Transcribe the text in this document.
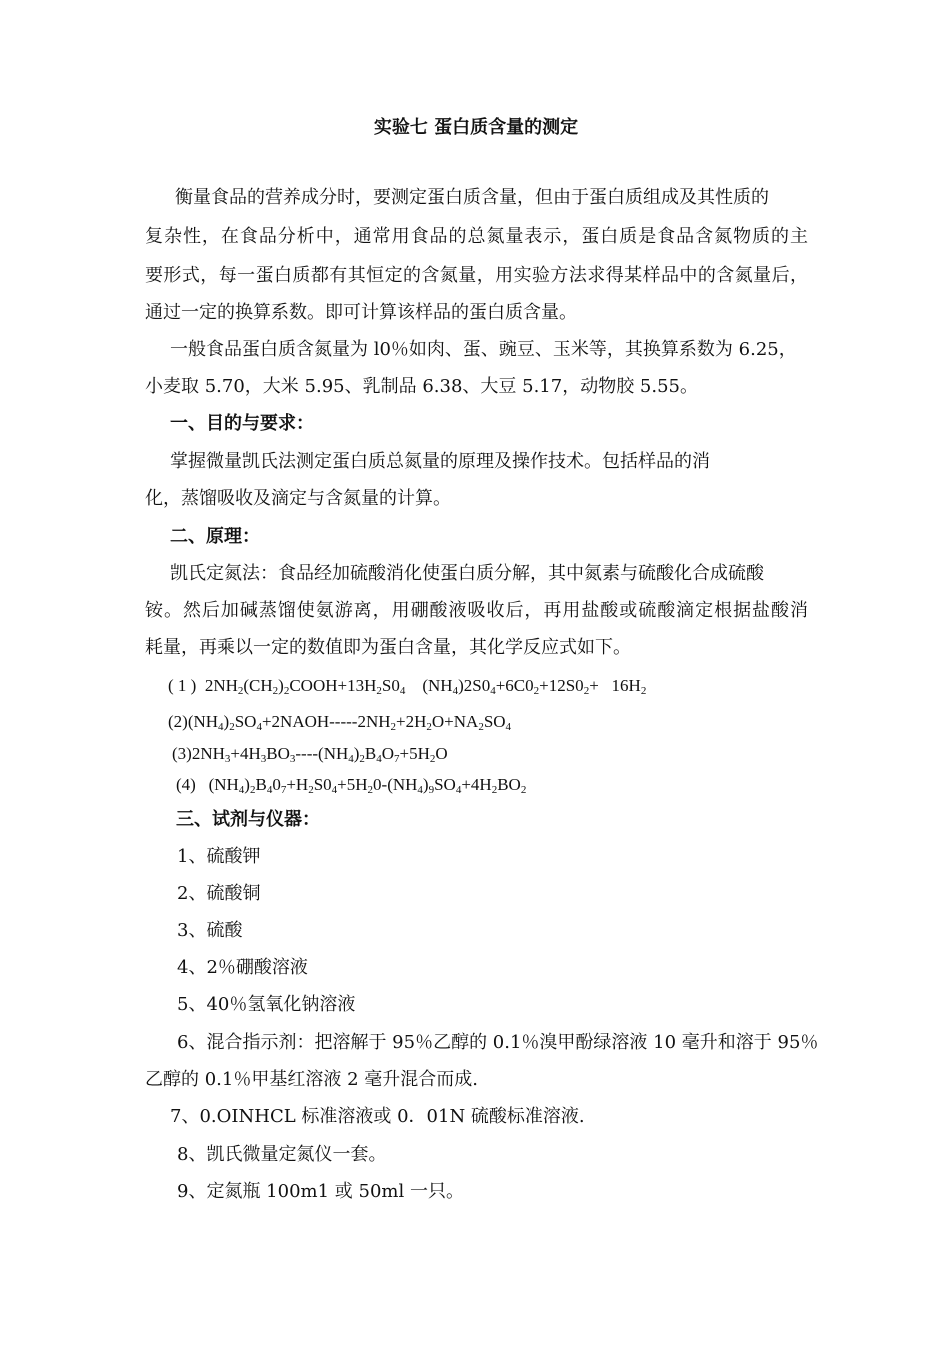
实验七 蛋白质含量的测定
衡量食品的营养成分时，要测定蛋白质含量，但由于蛋白质组成及其性质的
复杂性，在食品分析中，通常用食品的总氮量表示，蛋白质是食品含氮物质的主
要形式，每一蛋白质都有其恒定的含氮量，用实验方法求得某样品中的含氮量后，
通过一定的换算系数。即可计算该样品的蛋白质含量。
一般食品蛋白质含氮量为 l0％如肉、蛋、豌豆、玉米等，其换算系数为 6.25，
小麦取 5.70，大米 5.95、乳制品 6.38、大豆 5.17，动物胶 5.55。
一、目的与要求：
掌握微量凯氏法测定蛋白质总氮量的原理及操作技术。包括样品的消
化，蒸馏吸收及滴定与含氮量的计算。
二、原理：
凯氏定氮法：食品经加硫酸消化使蛋白质分解，其中氮素与硫酸化合成硫酸
铵。然后加碱蒸馏使氨游离，用硼酸液吸收后，再用盐酸或硫酸滴定根据盐酸消
耗量，再乘以一定的数值即为蛋白含量，其化学反应式如下。
( 1 )  $2NH_2(CH_2)_2COOH+13H_2S0_4$    $(NH_4)2S0_4+6C0_2+12S0_2+ 16H_2$
$(2)(NH_4)_2SO_4+2NAOH-----2NH_2+2H_2O+NA_2SO_4$
$(3)2NH_3+4H_3BO_3----(NH_4)_2B_4O_7+5H_2O$
(4)   $(NH_4)_2B_40_7+H_2S0_4+5H_20-(NH_4)_9SO_4+4H_2BO_2$
三、试剂与仪器：
1、硫酸钾
2、硫酸铜
3、硫酸
4、2％硼酸溶液
5、40％氢氧化钠溶液
6、混合指示剂：把溶解于 95％乙醇的 0.1％溴甲酚绿溶液 10 毫升和溶于 95％
乙醇的 0.1％甲基红溶液 2 毫升混合而成.
7、0.OINHCL 标准溶液或 0．01N 硫酸标准溶液.
8、凯氏微量定氮仪一套。
9、定氮瓶 100m1 或 50ml 一只。
